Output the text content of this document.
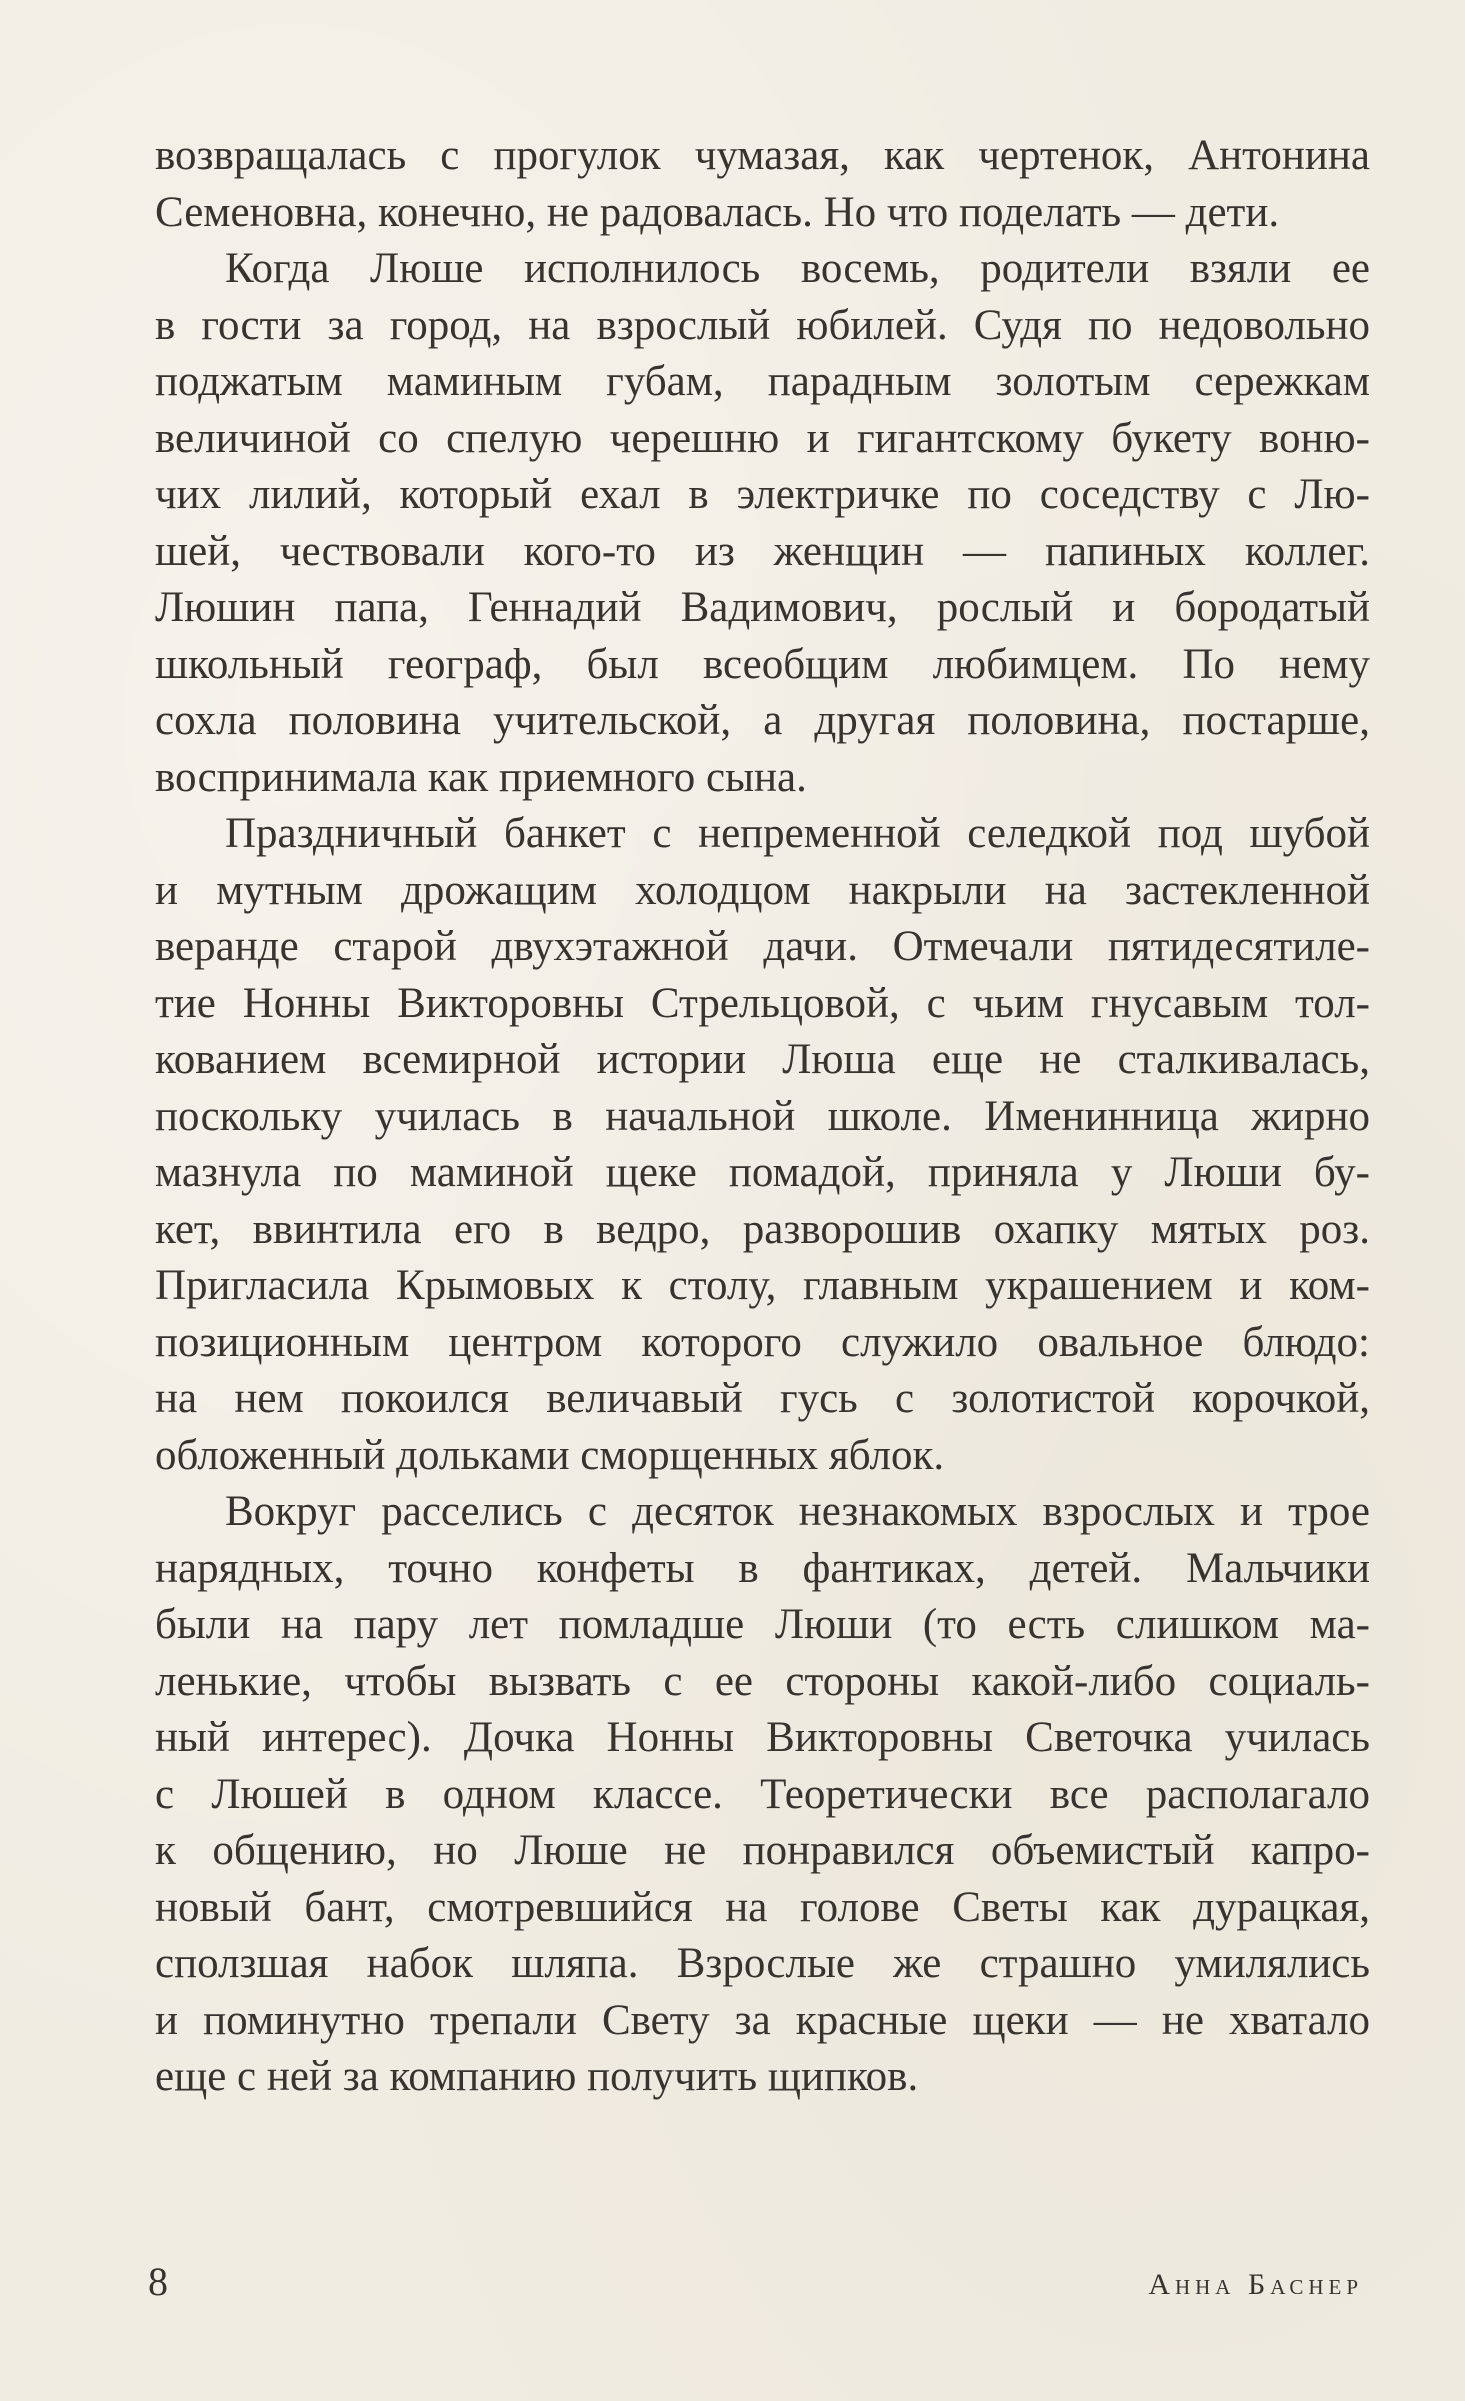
возвращалась с прогулок чумазая, как чертенок, Антонина
Семеновна, конечно, не радовалась. Но что поделать — дети.
Когда Люше исполнилось восемь, родители взяли ее
в гости за город, на взрослый юбилей. Судя по недовольно
поджатым маминым губам, парадным золотым сережкам
величиной со спелую черешню и гигантскому букету воню-
чих лилий, который ехал в электричке по соседству с Лю-
шей, чествовали кого-то из женщин — папиных коллег.
Люшин папа, Геннадий Вадимович, рослый и бородатый
школьный географ, был всеобщим любимцем. По нему
сохла половина учительской, а другая половина, постарше,
воспринимала как приемного сына.
Праздничный банкет с непременной селедкой под шубой
и мутным дрожащим холодцом накрыли на застекленной
веранде старой двухэтажной дачи. Отмечали пятидесятиле-
тие Нонны Викторовны Стрельцовой, с чьим гнусавым тол-
кованием всемирной истории Люша еще не сталкивалась,
поскольку училась в начальной школе. Именинница жирно
мазнула по маминой щеке помадой, приняла у Люши бу-
кет, ввинтила его в ведро, разворошив охапку мятых роз.
Пригласила Крымовых к столу, главным украшением и ком-
позиционным центром которого служило овальное блюдо:
на нем покоился величавый гусь с золотистой корочкой,
обложенный дольками сморщенных яблок.
Вокруг расселись с десяток незнакомых взрослых и трое
нарядных, точно конфеты в фантиках, детей. Мальчики
были на пару лет помладше Люши (то есть слишком ма-
ленькие, чтобы вызвать с ее стороны какой-либо социаль-
ный интерес). Дочка Нонны Викторовны Светочка училась
с Люшей в одном классе. Теоретически все располагало
к общению, но Люше не понравился объемистый капро-
новый бант, смотревшийся на голове Светы как дурацкая,
сползшая набок шляпа. Взрослые же страшно умилялись
и поминутно трепали Свету за красные щеки — не хватало
еще с ней за компанию получить щипков.
8	Анна Баснер
